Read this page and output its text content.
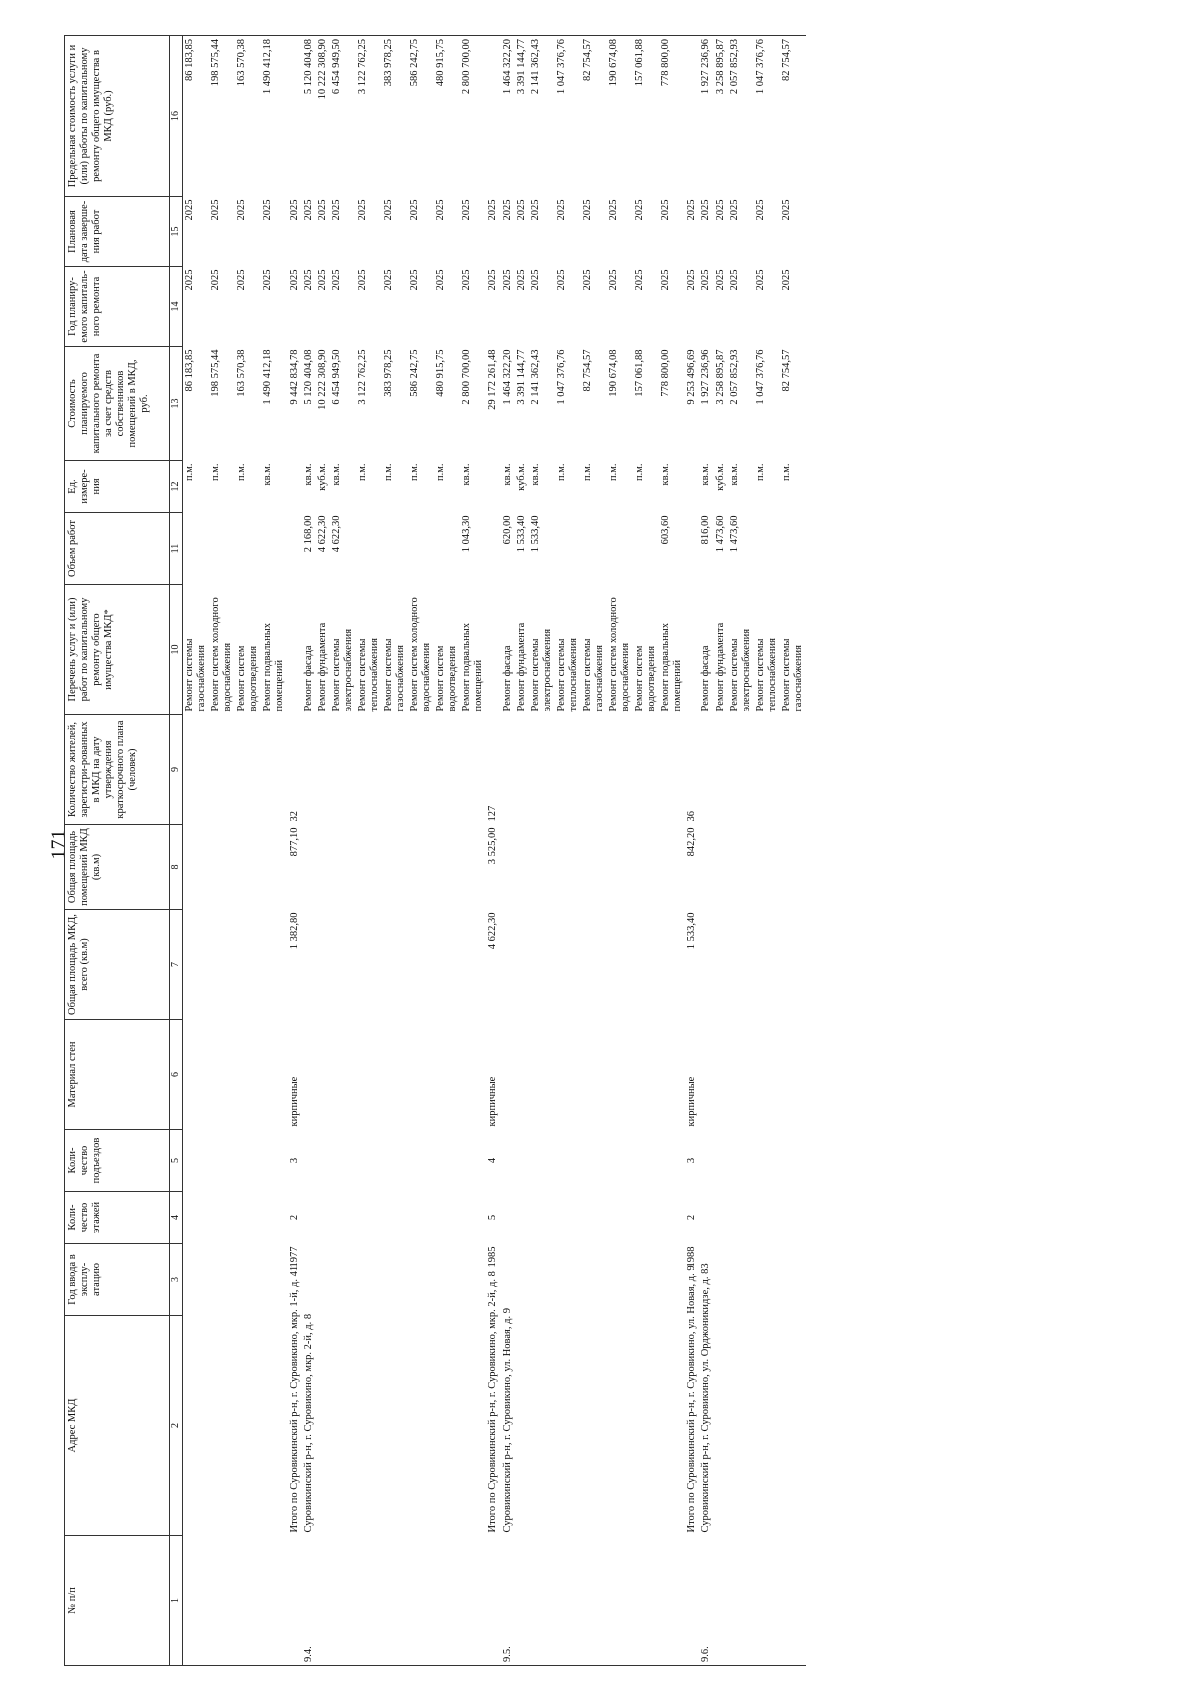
171
№ п/п	Адрес МКД	Год ввода в эксплу-атацию	Коли-чество этажей	Коли-чество подъездов	Материал стен	Общая площадь МКД, всего (кв.м)	Общая площадь помещений МКД (кв.м)	Количество жителей, зарегистри-рованных в МКД на дату утверждения краткосрочного плана (человек)	Перечень услуг и (или) работ по капитальному ремонту общего имущества МКД*	Объем работ	Ед. измере-ния	Стоимость планируемого капитального ремонта за счет средств собственников помещений в МКД, руб.	Год планиру-емого капиталь-ного ремонта	Плановая дата заверше-ния работ	Предельная стоимость услуги и (или) работы по капитальному ремонту общего имущества в МКД (руб.)
1	2	3	4	5	6	7	8	9	10	11	12	13	14	15	16
									Ремонт системы газоснабжения		п.м.	86 183,85	2025	2025	86 183,85
									Ремонт систем холодного водоснабжения		п.м.	198 575,44	2025	2025	198 575,44
									Ремонт систем водоотведения		п.м.	163 570,38	2025	2025	163 570,38
									Ремонт подвальных помещений		кв.м.	1 490 412,18	2025	2025	1 490 412,18
	Итого по Суровикинский р-н, г. Суровикино, мкр. 1-й, д. 41	1977	2	3	кирпичные	1 382,80	877,10	32				9 442 834,78	2025	2025	
9.4.	Суровикинский р-н, г. Суровикино, мкр. 2-й, д. 8								Ремонт фасада	2 168,00	кв.м.	5 120 404,08	2025	2025	5 120 404,08
									Ремонт фундамента	4 622,30	куб.м.	10 222 308,90	2025	2025	10 222 308,90
									Ремонт системы электроснабжения	4 622,30	кв.м.	6 454 949,50	2025	2025	6 454 949,50
									Ремонт системы теплоснабжения		п.м.	3 122 762,25	2025	2025	3 122 762,25
									Ремонт системы газоснабжения		п.м.	383 978,25	2025	2025	383 978,25
									Ремонт систем холодного водоснабжения		п.м.	586 242,75	2025	2025	586 242,75
									Ремонт систем водоотведения		п.м.	480 915,75	2025	2025	480 915,75
									Ремонт подвальных помещений	1 043,30	кв.м.	2 800 700,00	2025	2025	2 800 700,00
	Итого по Суровикинский р-н, г. Суровикино, мкр. 2-й, д. 8	1985	5	4	кирпичные	4 622,30	3 525,00	127				29 172 261,48	2025	2025	
9.5.	Суровикинский р-н, г. Суровикино, ул. Новая, д. 9								Ремонт фасада	620,00	кв.м.	1 464 322,20	2025	2025	1 464 322,20
									Ремонт фундамента	1 533,40	куб.м.	3 391 144,77	2025	2025	3 391 144,77
									Ремонт системы электроснабжения	1 533,40	кв.м.	2 141 362,43	2025	2025	2 141 362,43
									Ремонт системы теплоснабжения		п.м.	1 047 376,76	2025	2025	1 047 376,76
									Ремонт системы газоснабжения		п.м.	82 754,57	2025	2025	82 754,57
									Ремонт систем холодного водоснабжения		п.м.	190 674,08	2025	2025	190 674,08
									Ремонт систем водоотведения		п.м.	157 061,88	2025	2025	157 061,88
									Ремонт подвальных помещений	603,60	кв.м.	778 800,00	2025	2025	778 800,00
	Итого по Суровикинский р-н, г. Суровикино, ул. Новая, д. 9	1988	2	3	кирпичные	1 533,40	842,20	36				9 253 496,69	2025	2025	
9.6.	Суровикинский р-н, г. Суровикино, ул. Орджоникидзе, д. 83								Ремонт фасада	816,00	кв.м.	1 927 236,96	2025	2025	1 927 236,96
									Ремонт фундамента	1 473,60	куб.м.	3 258 895,87	2025	2025	3 258 895,87
									Ремонт системы электроснабжения	1 473,60	кв.м.	2 057 852,93	2025	2025	2 057 852,93
									Ремонт системы теплоснабжения		п.м.	1 047 376,76	2025	2025	1 047 376,76
									Ремонт системы газоснабжения		п.м.	82 754,57	2025	2025	82 754,57
